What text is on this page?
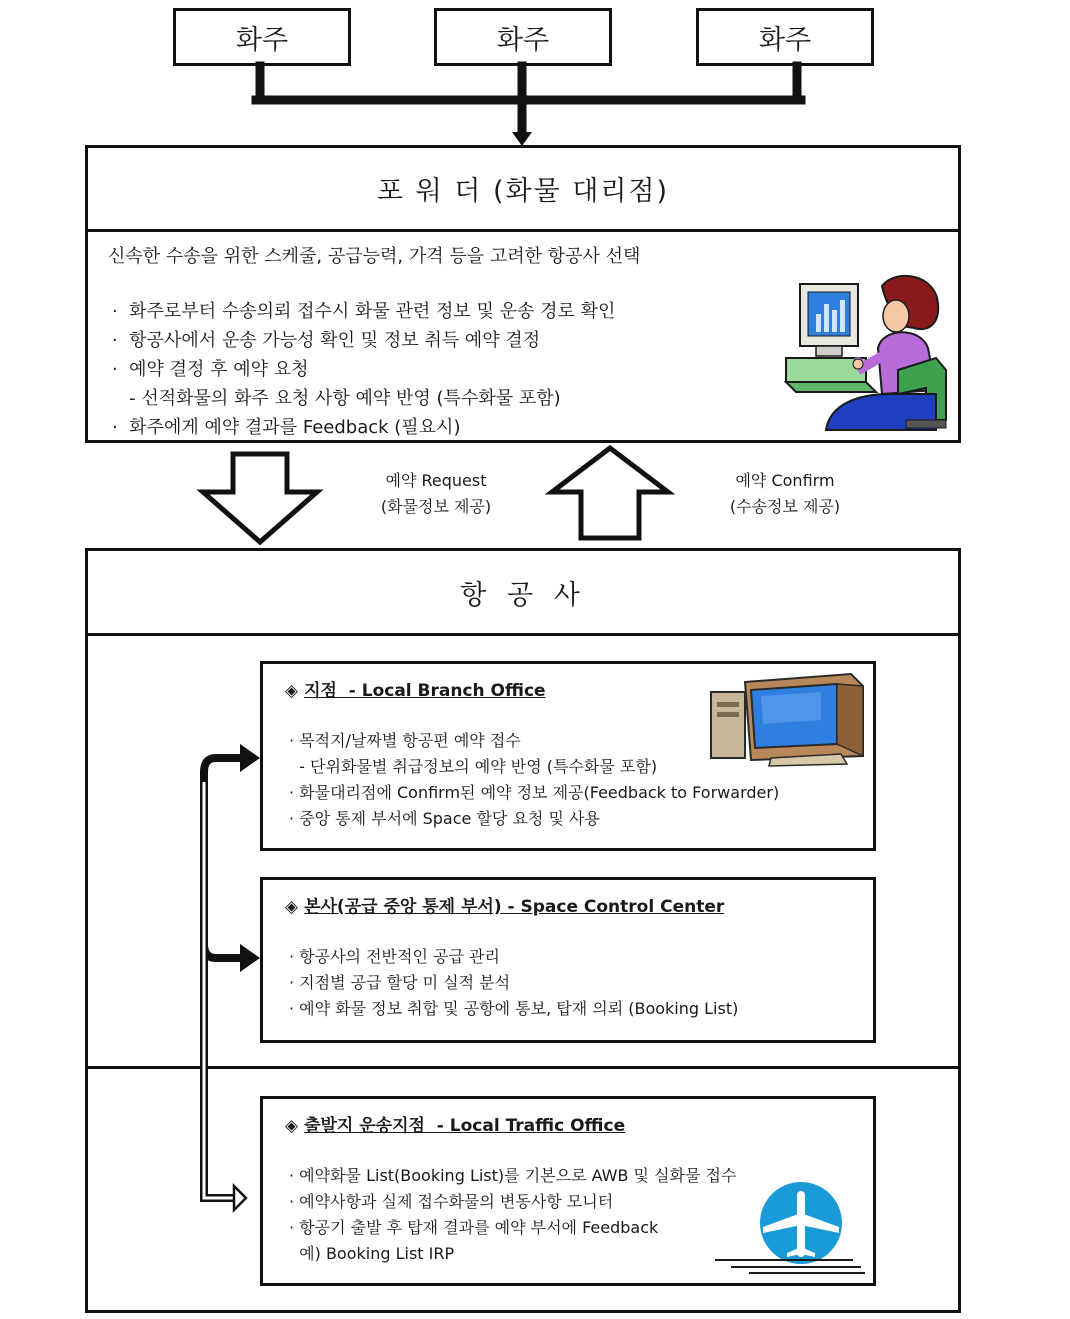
화주	화주	화주
포 워 더 (화물 대리점)
신속한 수송을 위한 스케줄, 공급능력, 가격 등을 고려한 항공사 선택
·  화주로부터 수송의뢰 접수시 화물 관련 정보 및 운송 경로 확인
·  항공사에서 운송 가능성 확인 및 정보 취득 예약 결정
·  예약 결정 후 예약 요청
- 선적화물의 화주 요청 사항 예약 반영 (특수화물 포함)
·  화주에게 예약 결과를 Feedback (필요시)
예약 Request
(화물정보 제공)
예약 Confirm
(수송정보 제공)
항 공 사
◈ 지점  - Local Branch Office
· 목적지/날짜별 항공편 예약 접수
- 단위화물별 취급정보의 예약 반영 (특수화물 포함)
· 화물대리점에 Confirm된 예약 정보 제공(Feedback to Forwarder)
· 중앙 통제 부서에 Space 할당 요청 및 사용
◈ 본사(공급 중앙 통제 부서) - Space Control Center
· 항공사의 전반적인 공급 관리
· 지점별 공급 할당 미 실적 분석
· 예약 화물 정보 취합 및 공항에 통보, 탑재 의뢰 (Booking List)
◈ 출발지 운송지점  - Local Traffic Office
· 예약화물 List(Booking List)를 기본으로 AWB 및 실화물 접수
· 예약사항과 실제 접수화물의 변동사항 모니터
· 항공기 출발 후 탑재 결과를 예약 부서에 Feedback
예) Booking List IRP
